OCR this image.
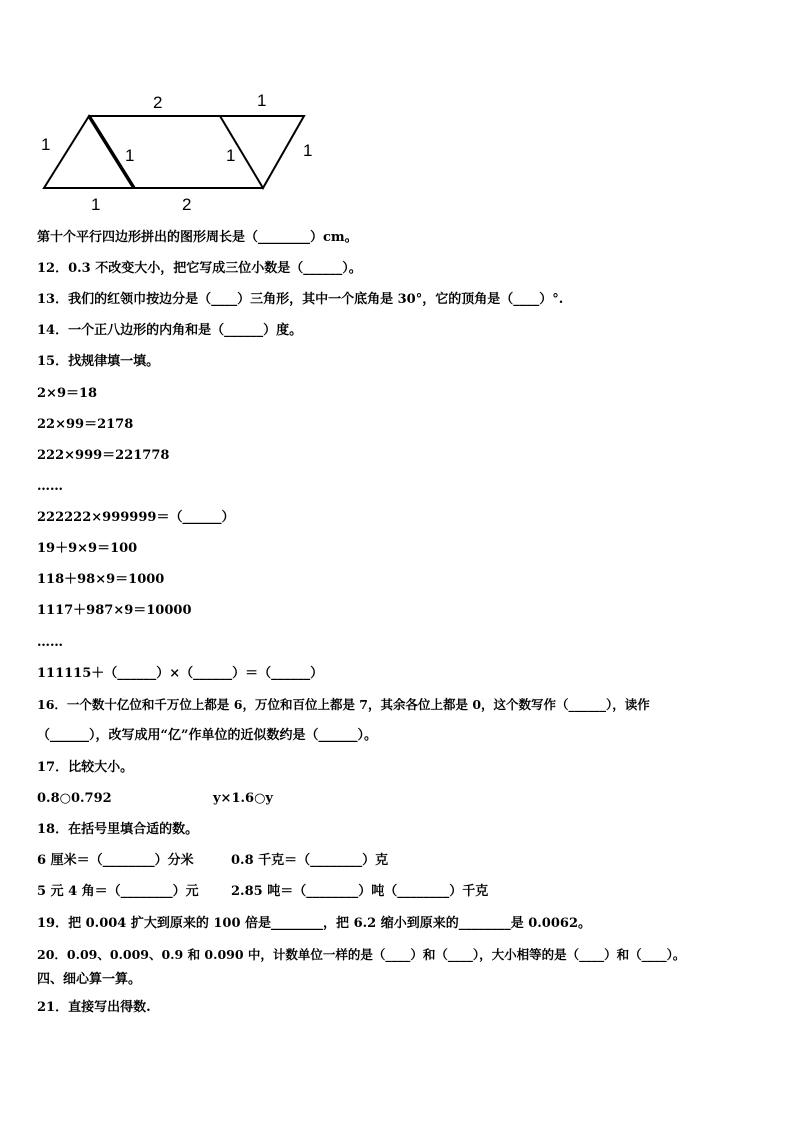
2	1
1
1	1	1
1	2
第十个平行四边形拼出的图形周长是（________）cm。
12．0.3 不改变大小，把它写成三位小数是（______）。
13．我们的红领巾按边分是（____）三角形，其中一个底角是 30°，它的顶角是（____）°.
14．一个正八边形的内角和是（______）度。
15．找规律填一填。
2×9＝18
22×99＝2178
222×999＝221778
……
222222×999999＝（______）
19＋9×9＝100
118＋98×9＝1000
1117＋987×9＝10000
……
111115＋（______）×（______）＝（______）
16．一个数十亿位和千万位上都是 6，万位和百位上都是 7，其余各位上都是 0，这个数写作（______），读作
（______），改写成用“亿”作单位的近似数约是（______）。
17．比较大小。
0.8○0.792	y×1.6○y
18．在括号里填合适的数。
6 厘米＝（________）分米	0.8 千克＝（________）克
5 元 4 角＝（________）元 2.85 吨＝（________）吨（________）千克
19．把 0.004 扩大到原来的 100 倍是________，把 6.2 缩小到原来的________是 0.0062。
20．0.09、0.009、0.9 和 0.090 中，计数单位一样的是（____）和（____），大小相等的是（____）和（____）。
四、细心算一算。
21．直接写出得数.
